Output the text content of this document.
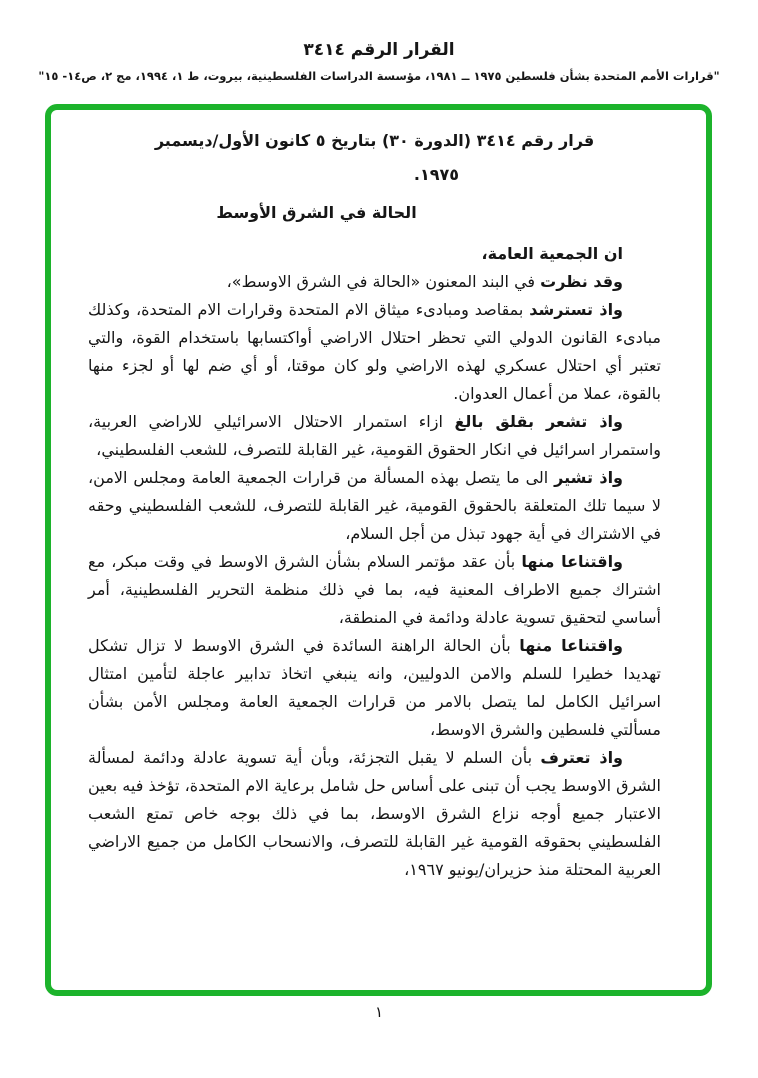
القرار الرقم ٣٤١٤
"قرارات الأمم المتحدة بشأن فلسطين ١٩٧٥ ــ ١٩٨١، مؤسسة الدراسات الفلسطينية، بيروت، ط ١، ١٩٩٤، مج ٢، ص١٤- ١٥"
قرار رقم ٣٤١٤ (الدورة ٣٠) بتاريخ ٥ كانون الأول/ديسمبر
١٩٧٥.
الحالة في الشرق الأوسط

ان الجمعية العامة،

وقد نظرت في البند المعنون «الحالة في الشرق الاوسط»،

واذ تسترشد بمقاصد ومبادىء ميثاق الام المتحدة وقرارات الام المتحدة، وكذلك مبادىء القانون الدولي التي تحظر احتلال الاراضي أواكتسابها باستخدام القوة، والتي تعتبر أي احتلال عسكري لهذه الاراضي ولو كان موقتا، أو أي ضم لها أو لجزء منها بالقوة، عملا من أعمال العدوان.

واذ تشعر بقلق بالغ ازاء استمرار الاحتلال الاسرائيلي للاراضي العربية، واستمرار اسرائيل في انكار الحقوق القومية، غير القابلة للتصرف، للشعب الفلسطيني،

واذ تشير الى ما يتصل بهذه المسألة من قرارات الجمعية العامة ومجلس الامن، لا سيما تلك المتعلقة بالحقوق القومية، غير القابلة للتصرف، للشعب الفلسطيني وحقه في الاشتراك في أية جهود تبذل من أجل السلام،

واقتناعا منها بأن عقد مؤتمر السلام بشأن الشرق الاوسط في وقت مبكر، مع اشتراك جميع الاطراف المعنية فيه، بما في ذلك منظمة التحرير الفلسطينية، أمر أساسي لتحقيق تسوية عادلة ودائمة في المنطقة،

واقتناعا منها بأن الحالة الراهنة السائدة في الشرق الاوسط لا تزال تشكل تهديدا خطيرا للسلم والامن الدوليين، وانه ينبغي اتخاذ تدابير عاجلة لتأمين امتثال اسرائيل الكامل لما يتصل بالامر من قرارات الجمعية العامة ومجلس الأمن بشأن مسألتي فلسطين والشرق الاوسط،

واذ تعترف بأن السلم لا يقبل التجزئة، وبأن أية تسوية عادلة ودائمة لمسألة الشرق الاوسط يجب أن تبنى على أساس حل شامل برعاية الام المتحدة، تؤخذ فيه بعين الاعتبار جميع أوجه نزاع الشرق الاوسط، بما في ذلك بوجه خاص تمتع الشعب الفلسطيني بحقوقه القومية غير القابلة للتصرف، والانسحاب الكامل من جميع الاراضي العربية المحتلة منذ حزيران/يونيو ١٩٦٧،

١
